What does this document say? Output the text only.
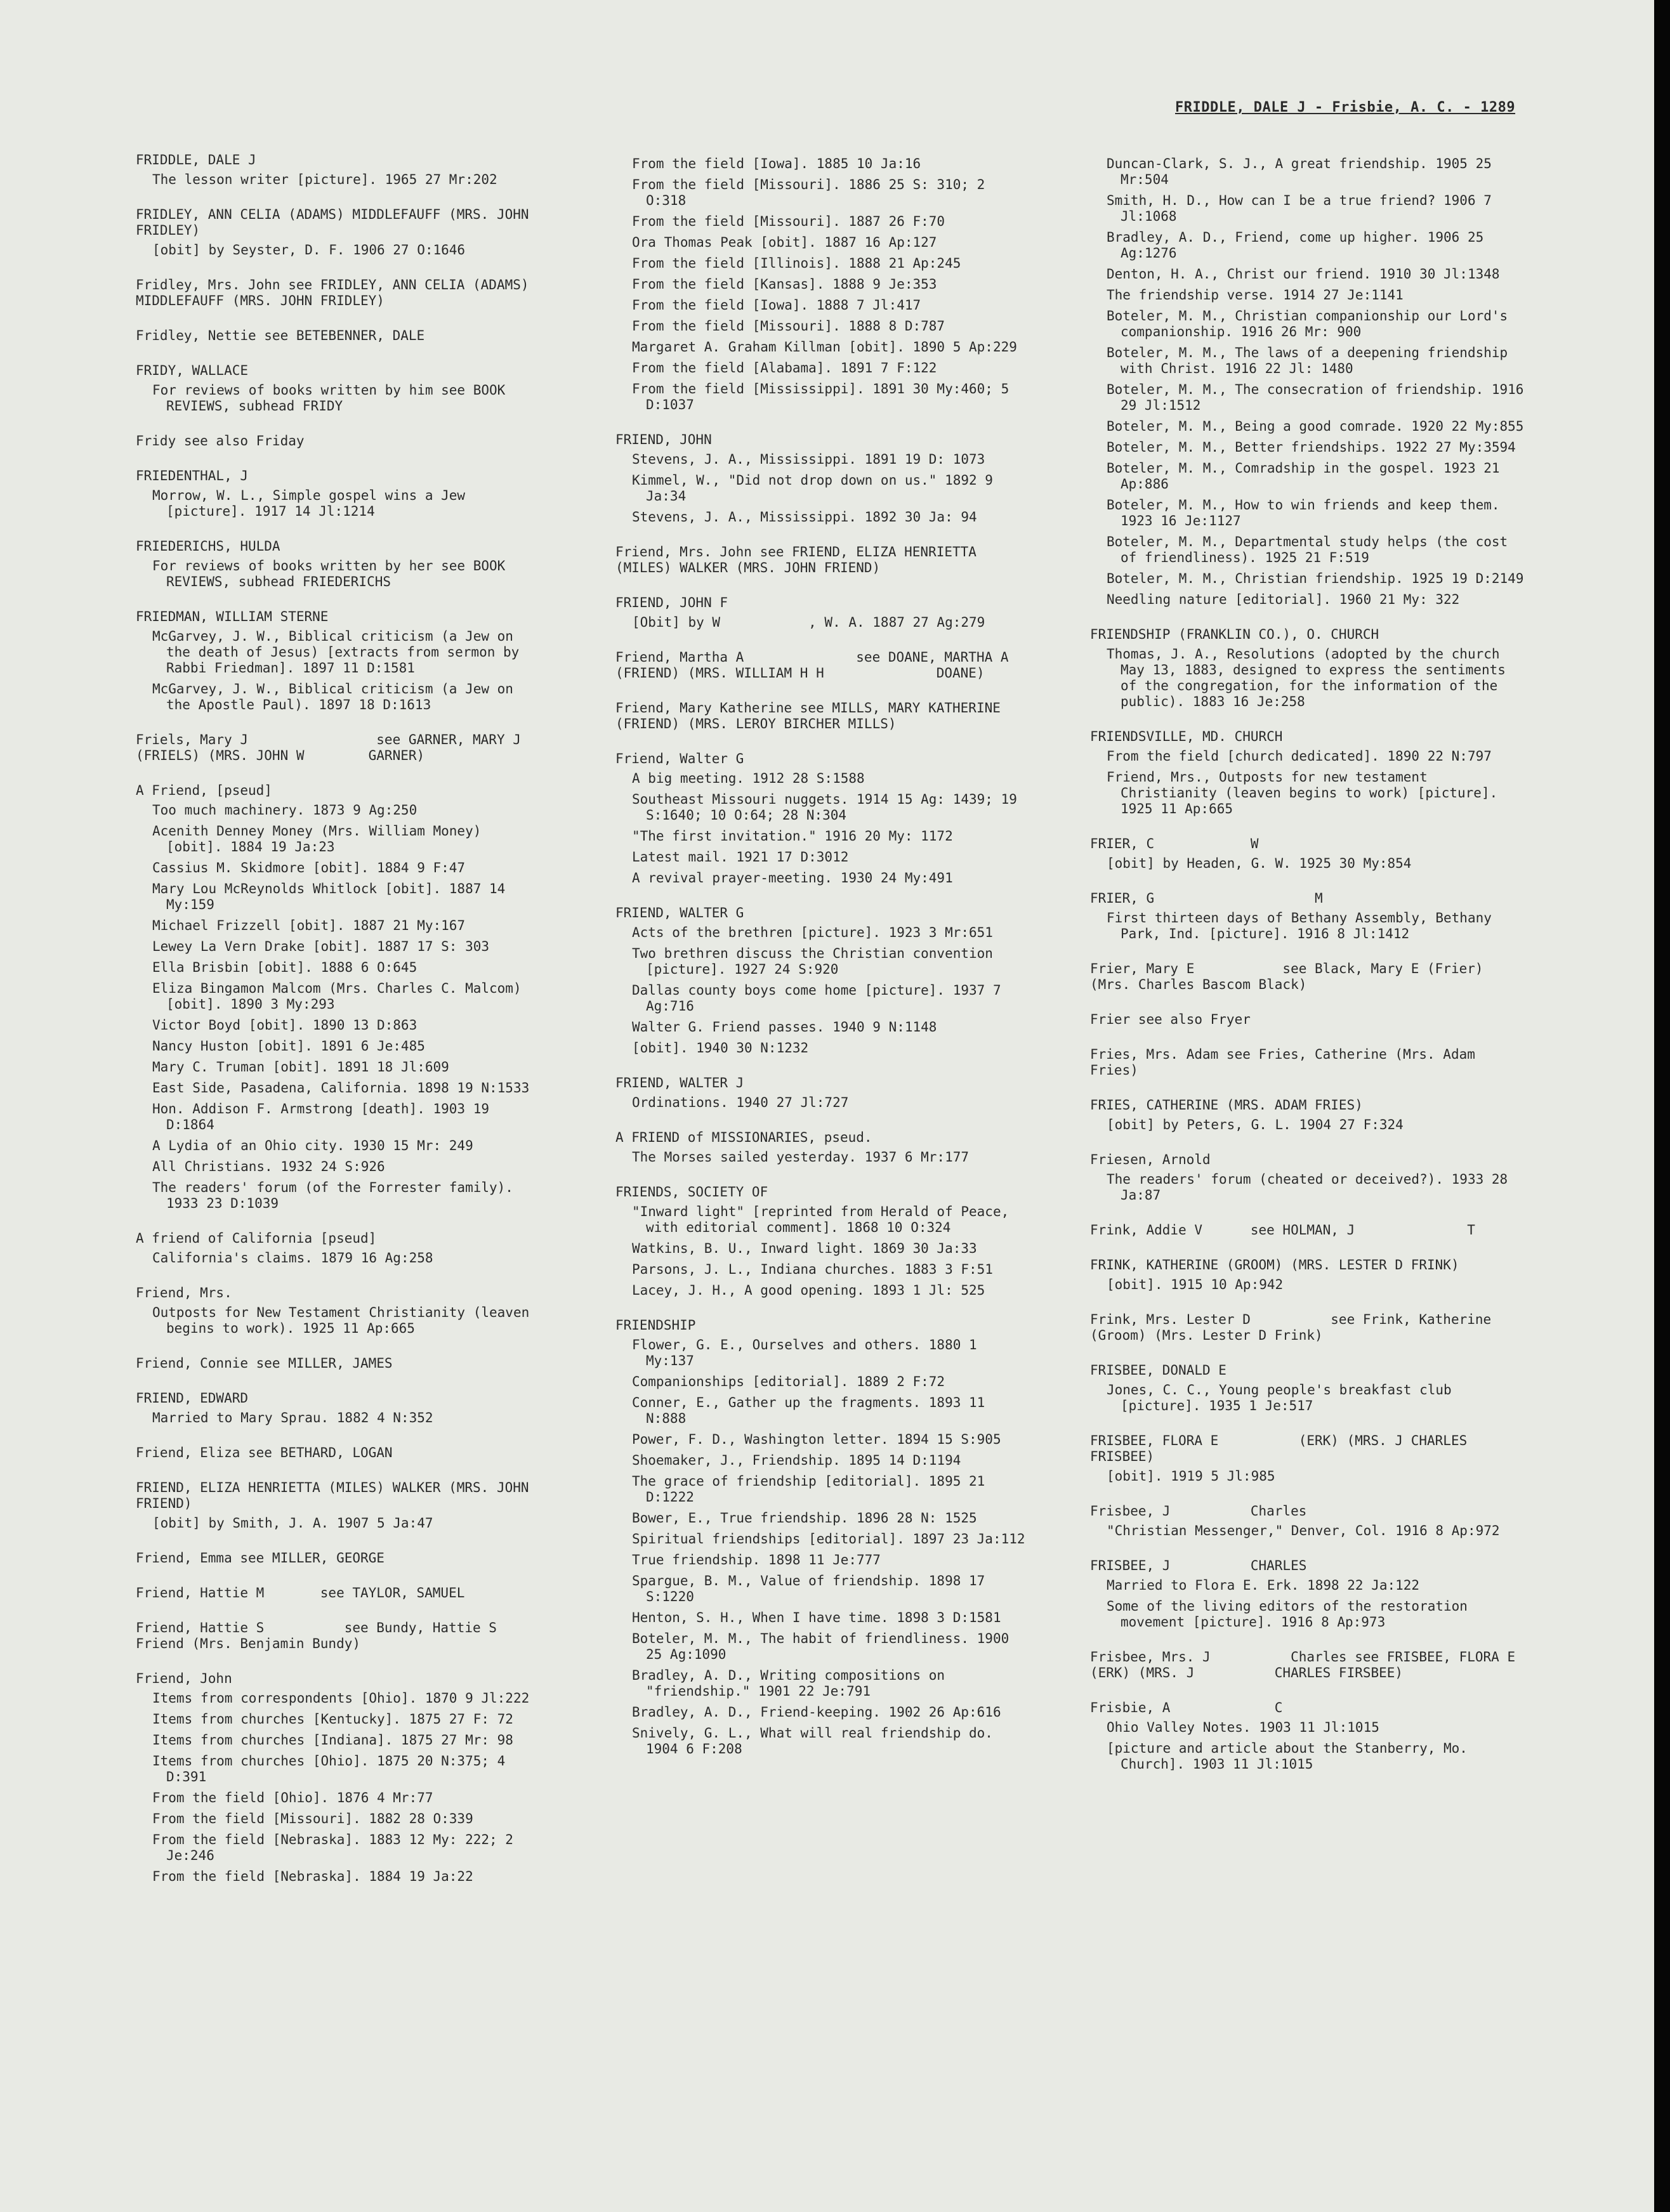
FRIDDLE, DALE J - Frisbie, A. C. - 1289
FRIDDLE, DALE J
The lesson writer [picture]. 1965 27 Mr:202
FRIDLEY, ANN CELIA (ADAMS) MIDDLEFAUFF (MRS. JOHN FRIDLEY)
[obit] by Seyster, D. F. 1906 27 O:1646
Fridley, Mrs. John see FRIDLEY, ANN CELIA (ADAMS) MIDDLEFAUFF (MRS. JOHN FRIDLEY)
Fridley, Nettie see BETEBENNER, DALE
FRIDY, WALLACE
For reviews of books written by him see BOOK REVIEWS, subhead FRIDY
Fridy see also Friday
FRIEDENTHAL, J
Morrow, W. L., Simple gospel wins a Jew [picture]. 1917 14 Jl:1214
FRIEDERICHS, HULDA
For reviews of books written by her see BOOK REVIEWS, subhead FRIEDERICHS
FRIEDMAN, WILLIAM STERNE
McGarvey, J. W., Biblical criticism (a Jew on the death of Jesus) [extracts from sermon by Rabbi Friedman]. 1897 11 D:1581
McGarvey, J. W., Biblical criticism (a Jew on the Apostle Paul). 1897 18 D:1613
Friels, Mary J                see GARNER, MARY J          (FRIELS) (MRS. JOHN W        GARNER)
A Friend, [pseud]
Too much machinery. 1873 9 Ag:250
Acenith Denney Money (Mrs. William Money) [obit]. 1884 19 Ja:23
Cassius M. Skidmore [obit]. 1884 9 F:47
Mary Lou McReynolds Whitlock [obit]. 1887 14 My:159
Michael Frizzell [obit]. 1887 21 My:167
Lewey La Vern Drake [obit]. 1887 17 S: 303
Ella Brisbin [obit]. 1888 6 O:645
Eliza Bingamon Malcom (Mrs. Charles C. Malcom) [obit]. 1890 3 My:293
Victor Boyd [obit]. 1890 13 D:863
Nancy Huston [obit]. 1891 6 Je:485
Mary C. Truman [obit]. 1891 18 Jl:609
East Side, Pasadena, California. 1898 19 N:1533
Hon. Addison F. Armstrong [death]. 1903 19 D:1864
A Lydia of an Ohio city. 1930 15 Mr: 249
All Christians. 1932 24 S:926
The readers' forum (of the Forrester family). 1933 23 D:1039
A friend of California [pseud]
California's claims. 1879 16 Ag:258
Friend, Mrs.
Outposts for New Testament Christianity (leaven begins to work). 1925 11 Ap:665
Friend, Connie see MILLER, JAMES
FRIEND, EDWARD
Married to Mary Sprau. 1882 4 N:352
Friend, Eliza see BETHARD, LOGAN
FRIEND, ELIZA HENRIETTA (MILES) WALKER (MRS. JOHN FRIEND)
[obit] by Smith, J. A. 1907 5 Ja:47
Friend, Emma see MILLER, GEORGE
Friend, Hattie M       see TAYLOR, SAMUEL
Friend, Hattie S          see Bundy, Hattie S         Friend (Mrs. Benjamin Bundy)
Friend, John
Items from correspondents [Ohio]. 1870 9 Jl:222
Items from churches [Kentucky]. 1875 27 F: 72
Items from churches [Indiana]. 1875 27 Mr: 98
Items from churches [Ohio]. 1875 20 N:375; 4 D:391
From the field [Ohio]. 1876 4 Mr:77
From the field [Missouri]. 1882 28 O:339
From the field [Nebraska]. 1883 12 My: 222; 2 Je:246
From the field [Nebraska]. 1884 19 Ja:22
From the field [Iowa]. 1885 10 Ja:16
From the field [Missouri]. 1886 25 S: 310; 2 O:318
From the field [Missouri]. 1887 26 F:70
Ora Thomas Peak [obit]. 1887 16 Ap:127
From the field [Illinois]. 1888 21 Ap:245
From the field [Kansas]. 1888 9 Je:353
From the field [Iowa]. 1888 7 Jl:417
From the field [Missouri]. 1888 8 D:787
Margaret A. Graham Killman [obit]. 1890 5 Ap:229
From the field [Alabama]. 1891 7 F:122
From the field [Mississippi]. 1891 30 My:460; 5 D:1037
FRIEND, JOHN
Stevens, J. A., Mississippi. 1891 19 D: 1073
Kimmel, W., "Did not drop down on us." 1892 9 Ja:34
Stevens, J. A., Mississippi. 1892 30 Ja: 94
Friend, Mrs. John see FRIEND, ELIZA HENRIETTA (MILES) WALKER (MRS. JOHN FRIEND)
FRIEND, JOHN F
[Obit] by W           , W. A. 1887 27 Ag:279
Friend, Martha A              see DOANE, MARTHA A          (FRIEND) (MRS. WILLIAM H H              DOANE)
Friend, Mary Katherine see MILLS, MARY KATHERINE (FRIEND) (MRS. LEROY BIRCHER MILLS)
Friend, Walter G
A big meeting. 1912 28 S:1588
Southeast Missouri nuggets. 1914 15 Ag: 1439; 19 S:1640; 10 O:64; 28 N:304
"The first invitation." 1916 20 My: 1172
Latest mail. 1921 17 D:3012
A revival prayer-meeting. 1930 24 My:491
FRIEND, WALTER G
Acts of the brethren [picture]. 1923 3 Mr:651
Two brethren discuss the Christian convention [picture]. 1927 24 S:920
Dallas county boys come home [picture]. 1937 7 Ag:716
Walter G. Friend passes. 1940 9 N:1148
[obit]. 1940 30 N:1232
FRIEND, WALTER J
Ordinations. 1940 27 Jl:727
A FRIEND of MISSIONARIES, pseud.
The Morses sailed yesterday. 1937 6 Mr:177
FRIENDS, SOCIETY OF
"Inward light" [reprinted from Herald of Peace, with editorial comment]. 1868 10 O:324
Watkins, B. U., Inward light. 1869 30 Ja:33
Parsons, J. L., Indiana churches. 1883 3 F:51
Lacey, J. H., A good opening. 1893 1 Jl: 525
FRIENDSHIP
Flower, G. E., Ourselves and others. 1880 1 My:137
Companionships [editorial]. 1889 2 F:72
Conner, E., Gather up the fragments. 1893 11 N:888
Power, F. D., Washington letter. 1894 15 S:905
Shoemaker, J., Friendship. 1895 14 D:1194
The grace of friendship [editorial]. 1895 21 D:1222
Bower, E., True friendship. 1896 28 N: 1525
Spiritual friendships [editorial]. 1897 23 Ja:112
True friendship. 1898 11 Je:777
Spargue, B. M., Value of friendship. 1898 17 S:1220
Henton, S. H., When I have time. 1898 3 D:1581
Boteler, M. M., The habit of friendliness. 1900 25 Ag:1090
Bradley, A. D., Writing compositions on "friendship." 1901 22 Je:791
Bradley, A. D., Friend-keeping. 1902 26 Ap:616
Snively, G. L., What will real friendship do. 1904 6 F:208
Duncan-Clark, S. J., A great friendship. 1905 25 Mr:504
Smith, H. D., How can I be a true friend? 1906 7 Jl:1068
Bradley, A. D., Friend, come up higher. 1906 25 Ag:1276
Denton, H. A., Christ our friend. 1910 30 Jl:1348
The friendship verse. 1914 27 Je:1141
Boteler, M. M., Christian companionship our Lord's companionship. 1916 26 Mr: 900
Boteler, M. M., The laws of a deepening friendship with Christ. 1916 22 Jl: 1480
Boteler, M. M., The consecration of friendship. 1916 29 Jl:1512
Boteler, M. M., Being a good comrade. 1920 22 My:855
Boteler, M. M., Better friendships. 1922 27 My:3594
Boteler, M. M., Comradship in the gospel. 1923 21 Ap:886
Boteler, M. M., How to win friends and keep them. 1923 16 Je:1127
Boteler, M. M., Departmental study helps (the cost of friendliness). 1925 21 F:519
Boteler, M. M., Christian friendship. 1925 19 D:2149
Needling nature [editorial]. 1960 21 My: 322
FRIENDSHIP (FRANKLIN CO.), O. CHURCH
Thomas, J. A., Resolutions (adopted by the church May 13, 1883, designed to express the sentiments of the congregation, for the information of the public). 1883 16 Je:258
FRIENDSVILLE, MD. CHURCH
From the field [church dedicated]. 1890 22 N:797
Friend, Mrs., Outposts for new testament Christianity (leaven begins to work) [picture]. 1925 11 Ap:665
FRIER, C            W
[obit] by Headen, G. W. 1925 30 My:854
FRIER, G                    M
First thirteen days of Bethany Assembly, Bethany Park, Ind. [picture]. 1916 8 Jl:1412
Frier, Mary E           see Black, Mary E (Frier) (Mrs. Charles Bascom Black)
Frier see also Fryer
Fries, Mrs. Adam see Fries, Catherine (Mrs. Adam Fries)
FRIES, CATHERINE (MRS. ADAM FRIES)
[obit] by Peters, G. L. 1904 27 F:324
Friesen, Arnold
The readers' forum (cheated or deceived?). 1933 28 Ja:87
Frink, Addie V      see HOLMAN, J              T
FRINK, KATHERINE (GROOM) (MRS. LESTER D FRINK)
[obit]. 1915 10 Ap:942
Frink, Mrs. Lester D          see Frink, Katherine (Groom) (Mrs. Lester D Frink)
FRISBEE, DONALD E
Jones, C. C., Young people's breakfast club [picture]. 1935 1 Je:517
FRISBEE, FLORA E          (ERK) (MRS. J CHARLES FRISBEE)
[obit]. 1919 5 Jl:985
Frisbee, J          Charles
"Christian Messenger," Denver, Col. 1916 8 Ap:972
FRISBEE, J          CHARLES
Married to Flora E. Erk. 1898 22 Ja:122
Some of the living editors of the restoration movement [picture]. 1916 8 Ap:973
Frisbee, Mrs. J          Charles see FRISBEE, FLORA E          (ERK) (MRS. J          CHARLES FIRSBEE)
Frisbie, A             C
Ohio Valley Notes. 1903 11 Jl:1015
[picture and article about the Stanberry, Mo. Church]. 1903 11 Jl:1015
